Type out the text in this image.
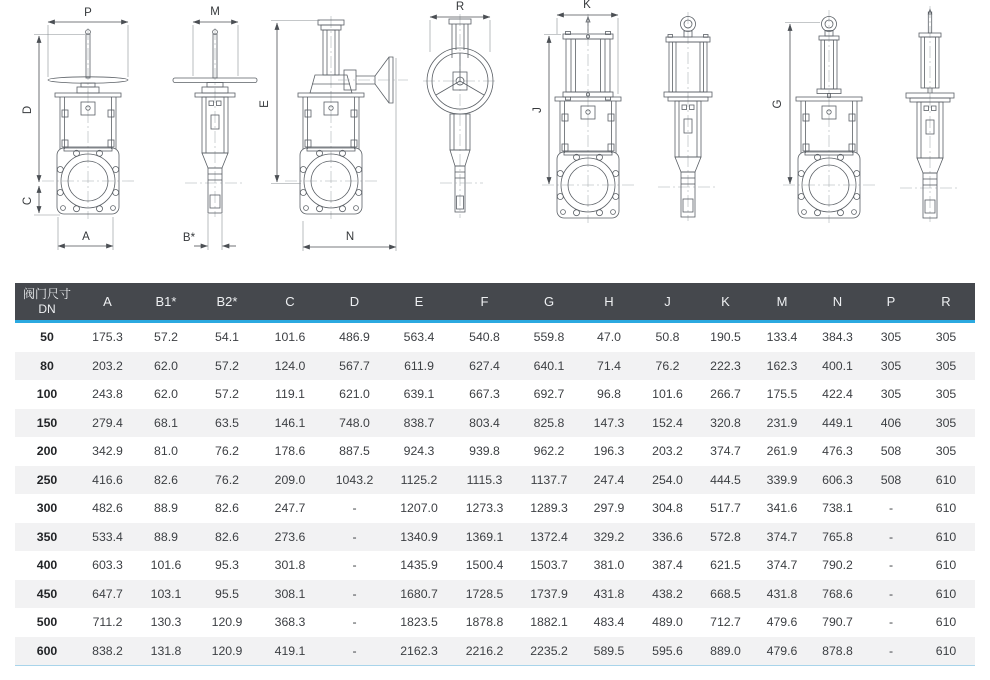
P
D
C
A
M
B*
E
N
R	K
J
G
阀门尺寸
DN	A	B1*	B2*	C	D	E	F	G	H	J	K	M	N	P	R
50	175.3	57.2	54.1	101.6	486.9	563.4	540.8	559.8	47.0	50.8	190.5	133.4	384.3	305	305
80	203.2	62.0	57.2	124.0	567.7	611.9	627.4	640.1	71.4	76.2	222.3	162.3	400.1	305	305
100	243.8	62.0	57.2	119.1	621.0	639.1	667.3	692.7	96.8	101.6	266.7	175.5	422.4	305	305
150	279.4	68.1	63.5	146.1	748.0	838.7	803.4	825.8	147.3	152.4	320.8	231.9	449.1	406	305
200	342.9	81.0	76.2	178.6	887.5	924.3	939.8	962.2	196.3	203.2	374.7	261.9	476.3	508	305
250	416.6	82.6	76.2	209.0	1043.2	1125.2	1115.3	1137.7	247.4	254.0	444.5	339.9	606.3	508	610
300	482.6	88.9	82.6	247.7	-	1207.0	1273.3	1289.3	297.9	304.8	517.7	341.6	738.1	-	610
350	533.4	88.9	82.6	273.6	-	1340.9	1369.1	1372.4	329.2	336.6	572.8	374.7	765.8	-	610
400	603.3	101.6	95.3	301.8	-	1435.9	1500.4	1503.7	381.0	387.4	621.5	374.7	790.2	-	610
450	647.7	103.1	95.5	308.1	-	1680.7	1728.5	1737.9	431.8	438.2	668.5	431.8	768.6	-	610
500	711.2	130.3	120.9	368.3	-	1823.5	1878.8	1882.1	483.4	489.0	712.7	479.6	790.7	-	610
600	838.2	131.8	120.9	419.1	-	2162.3	2216.2	2235.2	589.5	595.6	889.0	479.6	878.8	-	610
